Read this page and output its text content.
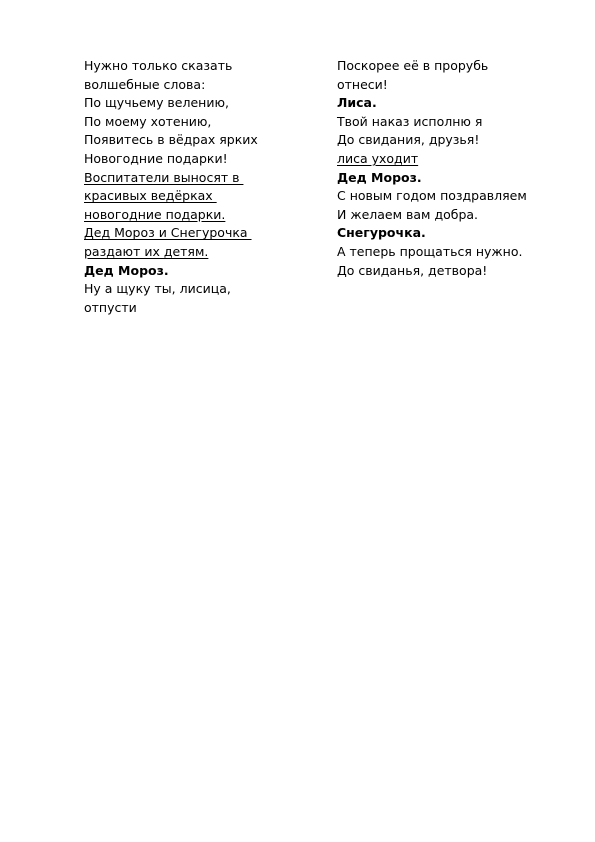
Нужно только сказать
волшебные слова:
По щучьему велению,
По моему хотению,
Появитесь в вёдрах ярких
Новогодние подарки!
Воспитатели выносят в
красивых ведёрках
новогодние подарки.
Дед Мороз и Снегурочка
раздают их детям.
Дед Мороз.
Ну а щуку ты, лисица,
отпусти
Поскорее её в прорубь
отнеси!
Лиса.
Твой наказ исполню я
До свидания, друзья!
лиса уходит
Дед Мороз.
С новым годом поздравляем
И желаем вам добра.
Снегурочка.
А теперь прощаться нужно.
До свиданья, детвора!
